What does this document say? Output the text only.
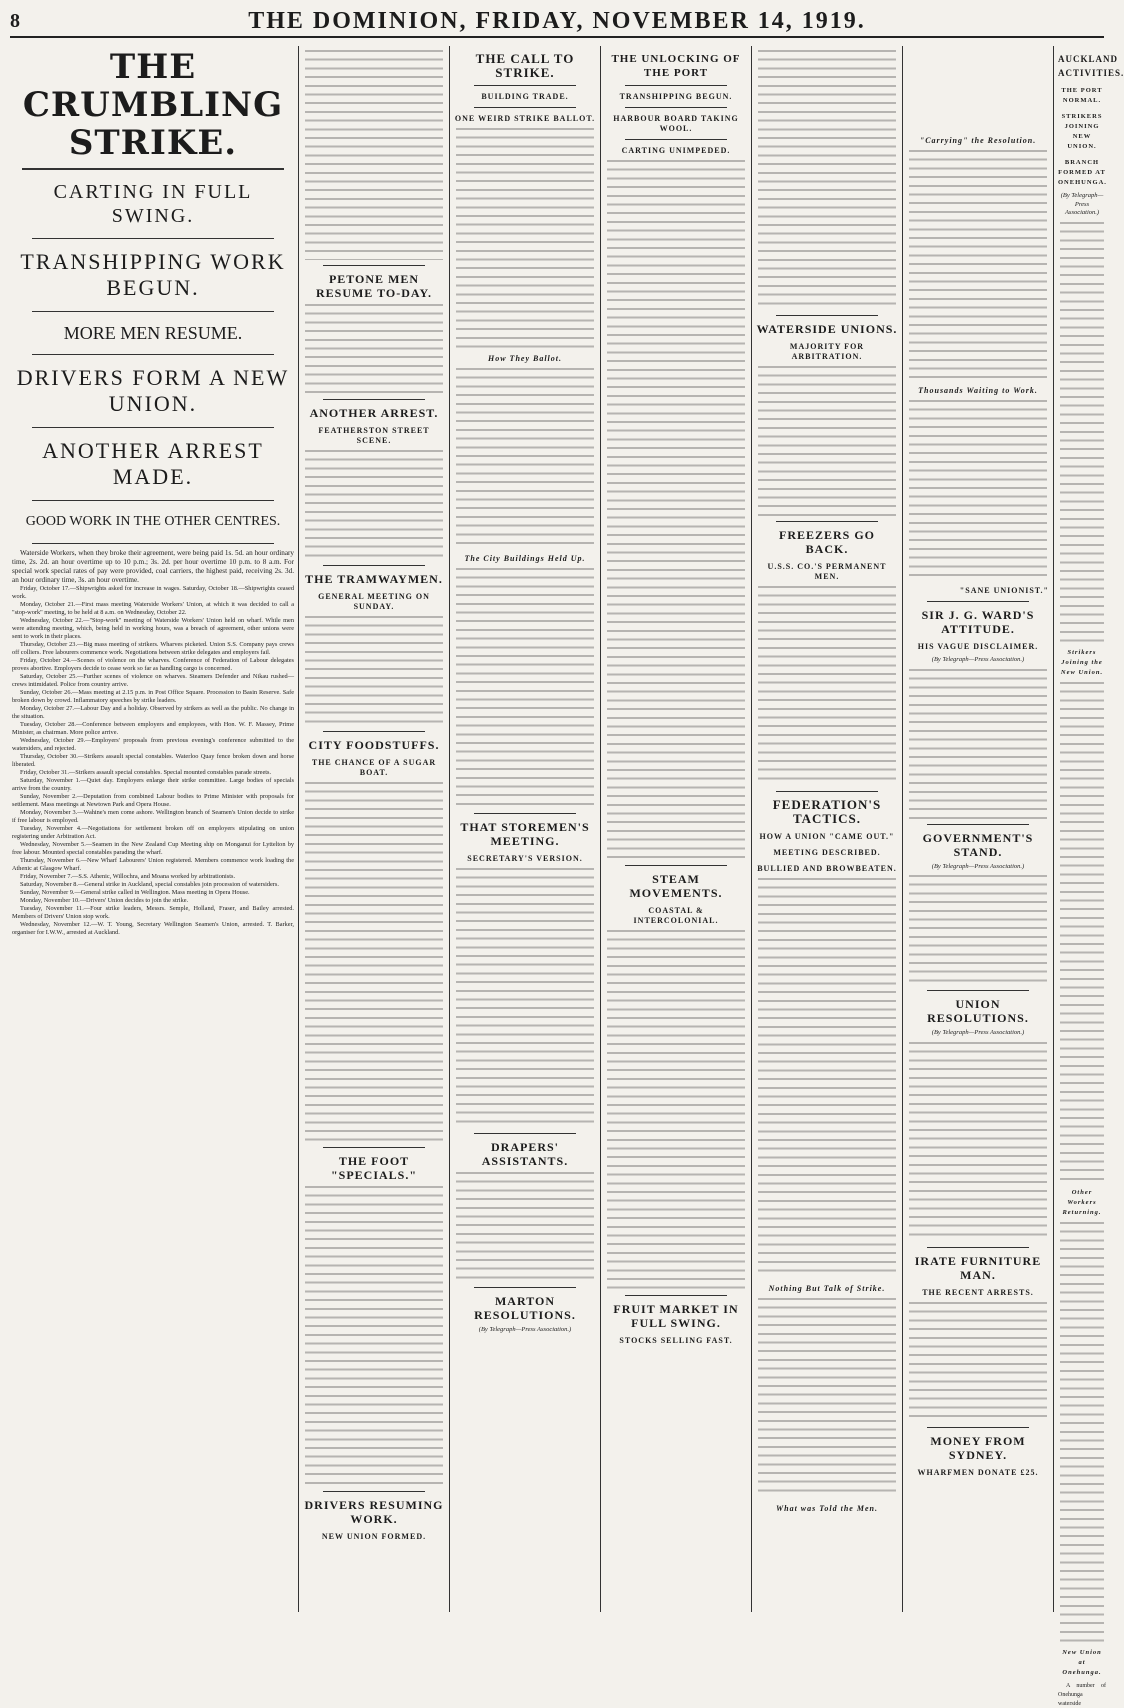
8	THE DOMINION, FRIDAY, NOVEMBER 14, 1919.
THE CRUMBLING STRIKE.
CARTING IN FULL SWING.
TRANSHIPPING WORK BEGUN.
MORE MEN RESUME.
DRIVERS FORM A NEW UNION.
ANOTHER ARREST MADE.
GOOD WORK IN THE OTHER CENTRES.

Waterside Workers, when they broke their agreement, were being paid 1s. 5d. an hour ordinary time, 2s. 2d. an hour overtime up to 10 p.m.; 3s. 2d. per hour overtime 10 p.m. to 8 a.m. For special work special rates of pay were provided, coal carriers, the highest paid, receiving 2s. 3d. an hour ordinary time, 3s. an hour overtime.

Friday, October 17.—Shipwrights asked for increase in wages. Saturday, October 18.—Shipwrights ceased work.

Monday, October 21.—First mass meeting Waterside Workers' Union, at which it was decided to call a "stop-work" meeting, to be held at 8 a.m. on Wednesday, October 22.

Wednesday, October 22.—"Stop-work" meeting of Waterside Workers' Union held on wharf. While men were attending meeting, which, being held in working hours, was a breach of agreement, other unions were sent to work in their places.

Thursday, October 23.—Big mass meeting of strikers. Wharves picketed. Union S.S. Company pays crews off colliers. Free labourers commence work. Negotiations between strike delegates and employers fail.

Friday, October 24.—Scenes of violence on the wharves. Conference of Federation of Labour delegates proves abortive. Employers decide to cease work so far as handling cargo is concerned.

Saturday, October 25.—Further scenes of violence on wharves. Steamers Defender and Nikau rushed—crews intimidated. Police from country arrive.

Sunday, October 26.—Mass meeting at 2.15 p.m. in Post Office Square. Procession to Basin Reserve. Safe broken down by crowd. Inflammatory speeches by strike leaders.

Monday, October 27.—Labour Day and a holiday. Observed by strikers as well as the public. No change in the situation.

Tuesday, October 28.—Conference between employers and employees, with Hon. W. F. Massey, Prime Minister, as chairman. More police arrive.

Wednesday, October 29.—Employers' proposals from previous evening's conference submitted to the watersiders, and rejected.

Thursday, October 30.—Strikers assault special constables. Waterloo Quay fence broken down and horse liberated.

Friday, October 31.—Strikers assault special constables. Special mounted constables parade streets.

Saturday, November 1.—Quiet day. Employers enlarge their strike committee. Large bodies of specials arrive from the country.

Sunday, November 2.—Deputation from combined Labour bodies to Prime Minister with proposals for settlement. Mass meetings at Newtown Park and Opera House.

Monday, November 3.—Wahine's men come ashore. Wellington branch of Seamen's Union decide to strike if free labour is employed.

Tuesday, November 4.—Negotiations for settlement broken off on employers stipulating on union registering under Arbitration Act.

Wednesday, November 5.—Seamen in the New Zealand Cup Meeting ship on Monganui for Lyttelton by free labour. Mounted special constables parading the wharf.

Thursday, November 6.—New Wharf Labourers' Union registered. Members commence work loading the Athenic at Glasgow Wharf.

Friday, November 7.—S.S. Athenic, Willochra, and Moana worked by arbitrationists.

Saturday, November 8.—General strike in Auckland, special constables join procession of watersiders.

Sunday, November 9.—General strike called in Wellington. Mass meeting in Opera House.

Monday, November 10.—Drivers' Union decides to join the strike.

Tuesday, November 11.—Four strike leaders, Messrs. Semple, Holland, Fraser, and Bailey arrested. Members of Drivers' Union stop work.

Wednesday, November 12.—W. T. Young, Secretary Wellington Seamen's Union, arrested. T. Barker, organiser for I.W.W., arrested at Auckland.

PETONE MEN RESUME TO-DAY.
ANOTHER ARREST.
FEATHERSTON STREET SCENE.
THE TRAMWAYMEN.
GENERAL MEETING ON SUNDAY.
CITY FOODSTUFFS.
THE CHANCE OF A SUGAR BOAT.
THE FOOT "SPECIALS."
DRIVERS RESUMING WORK.
NEW UNION FORMED.
THE CALL TO STRIKE.
BUILDING TRADE.
ONE WEIRD STRIKE BALLOT.
How They Ballot.
The City Buildings Held Up.
THAT STOREMEN'S MEETING.
SECRETARY'S VERSION.
DRAPERS' ASSISTANTS.
MARTON RESOLUTIONS.
(By Telegraph—Press Association.)
THE UNLOCKING OF THE PORT
TRANSHIPPING BEGUN.
HARBOUR BOARD TAKING WOOL.
CARTING UNIMPEDED.
STEAM MOVEMENTS.
COASTAL & INTERCOLONIAL.
FRUIT MARKET IN FULL SWING.
STOCKS SELLING FAST.
WATERSIDE UNIONS.
MAJORITY FOR ARBITRATION.
FREEZERS GO BACK.
U.S.S. CO.'S PERMANENT MEN.
FEDERATION'S TACTICS.
HOW A UNION "CAME OUT."
MEETING DESCRIBED.
BULLIED AND BROWBEATEN.
Nothing But Talk of Strike.
What was Told the Men.
"Carrying" the Resolution.
Thousands Waiting to Work.
"SANE UNIONIST."
SIR J. G. WARD'S ATTITUDE.
HIS VAGUE DISCLAIMER.
(By Telegraph—Press Association.)
GOVERNMENT'S STAND.
(By Telegraph—Press Association.)
UNION RESOLUTIONS.
(By Telegraph—Press Association.)
IRATE FURNITURE MAN.
THE RECENT ARRESTS.
MONEY FROM SYDNEY.
WHARFMEN DONATE £25.
AUCKLAND ACTIVITIES.
THE PORT NORMAL.
STRIKERS JOINING NEW UNION.
BRANCH FORMED AT ONEHUNGA.
(By Telegraph—Press Association.)
Strikers Joining the New Union.
Other Workers Returning.
New Union at Onehunga.

A number of Onehunga waterside
